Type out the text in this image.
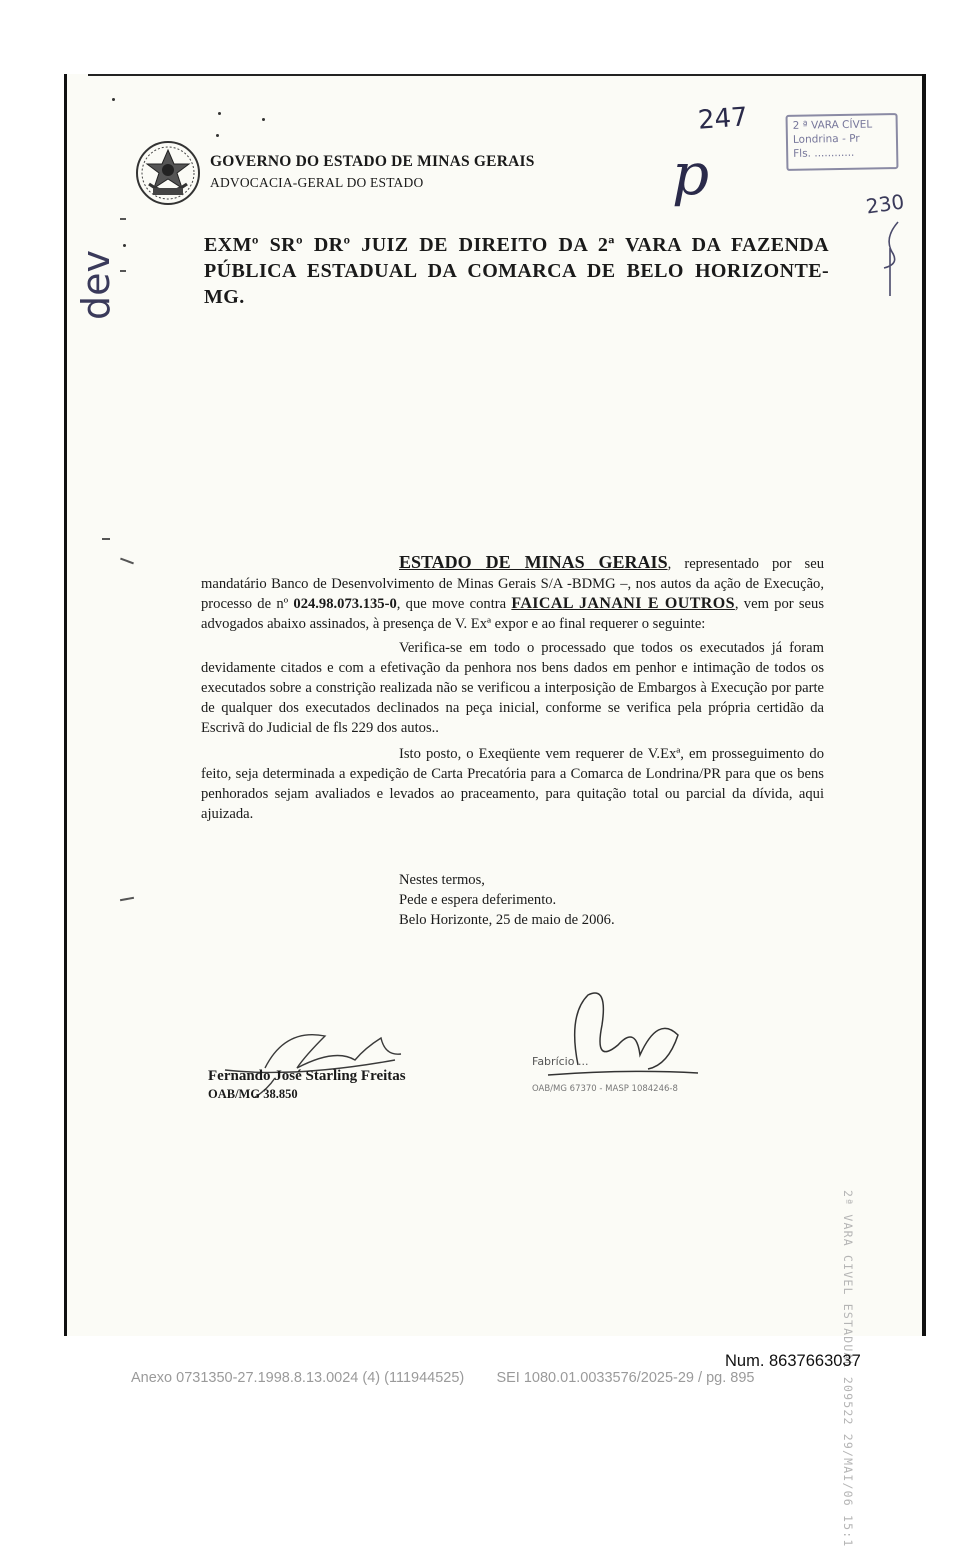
GOVERNO DO ESTADO DE MINAS GERAIS
ADVOCACIA-GERAL DO ESTADO
247
p	230
dev
2 ª VARA CÍVEL
Londrina - Pr
Fls. ............
EXMº SRº DRº JUIZ DE DIREITO DA 2ª VARA DA FAZENDA
PÚBLICA ESTADUAL DA COMARCA DE BELO HORIZONTE-MG.

ESTADO DE MINAS GERAIS, representado por seu mandatário Banco de Desenvolvimento de Minas Gerais S/A -BDMG –, nos autos da ação de Execução, processo de nº 024.98.073.135-0, que move contra FAICAL JANANI E OUTROS, vem por seus advogados abaixo assinados, à presença de V. Exª expor e ao final requerer o seguinte:

Verifica-se em todo o processado que todos os executados já foram devidamente citados e com a efetivação da penhora nos bens dados em penhor e intimação de todos os executados sobre a constrição realizada não se verificou a interposição de Embargos à Execução por parte de qualquer dos executados declinados na peça inicial, conforme se verifica pela própria certidão da Escrivã do Judicial de fls 229 dos autos..

Isto posto, o Exeqüente vem requerer de V.Exª, em prosseguimento do feito, seja determinada a expedição de Carta Precatória para a Comarca de Londrina/PR para que os bens penhorados sejam avaliados e levados ao praceamento, para quitação total ou parcial da dívida, aqui ajuizada.

Nestes termos,
Pede e espera deferimento.
Belo Horizonte, 25 de maio de 2006.
Fernando José Starling Freitas
OAB/MG 38.850
Fabrício ...
OAB/MG 67370 - MASP 1084246-8
2ª VARA CIVEL ESTADUAL 209522 29/MAI/06 15:1
Num. 8637663037
Anexo 0731350-27.1998.8.13.0024 (4) (111944525)        SEI 1080.01.0033576/2025-29 / pg. 895
